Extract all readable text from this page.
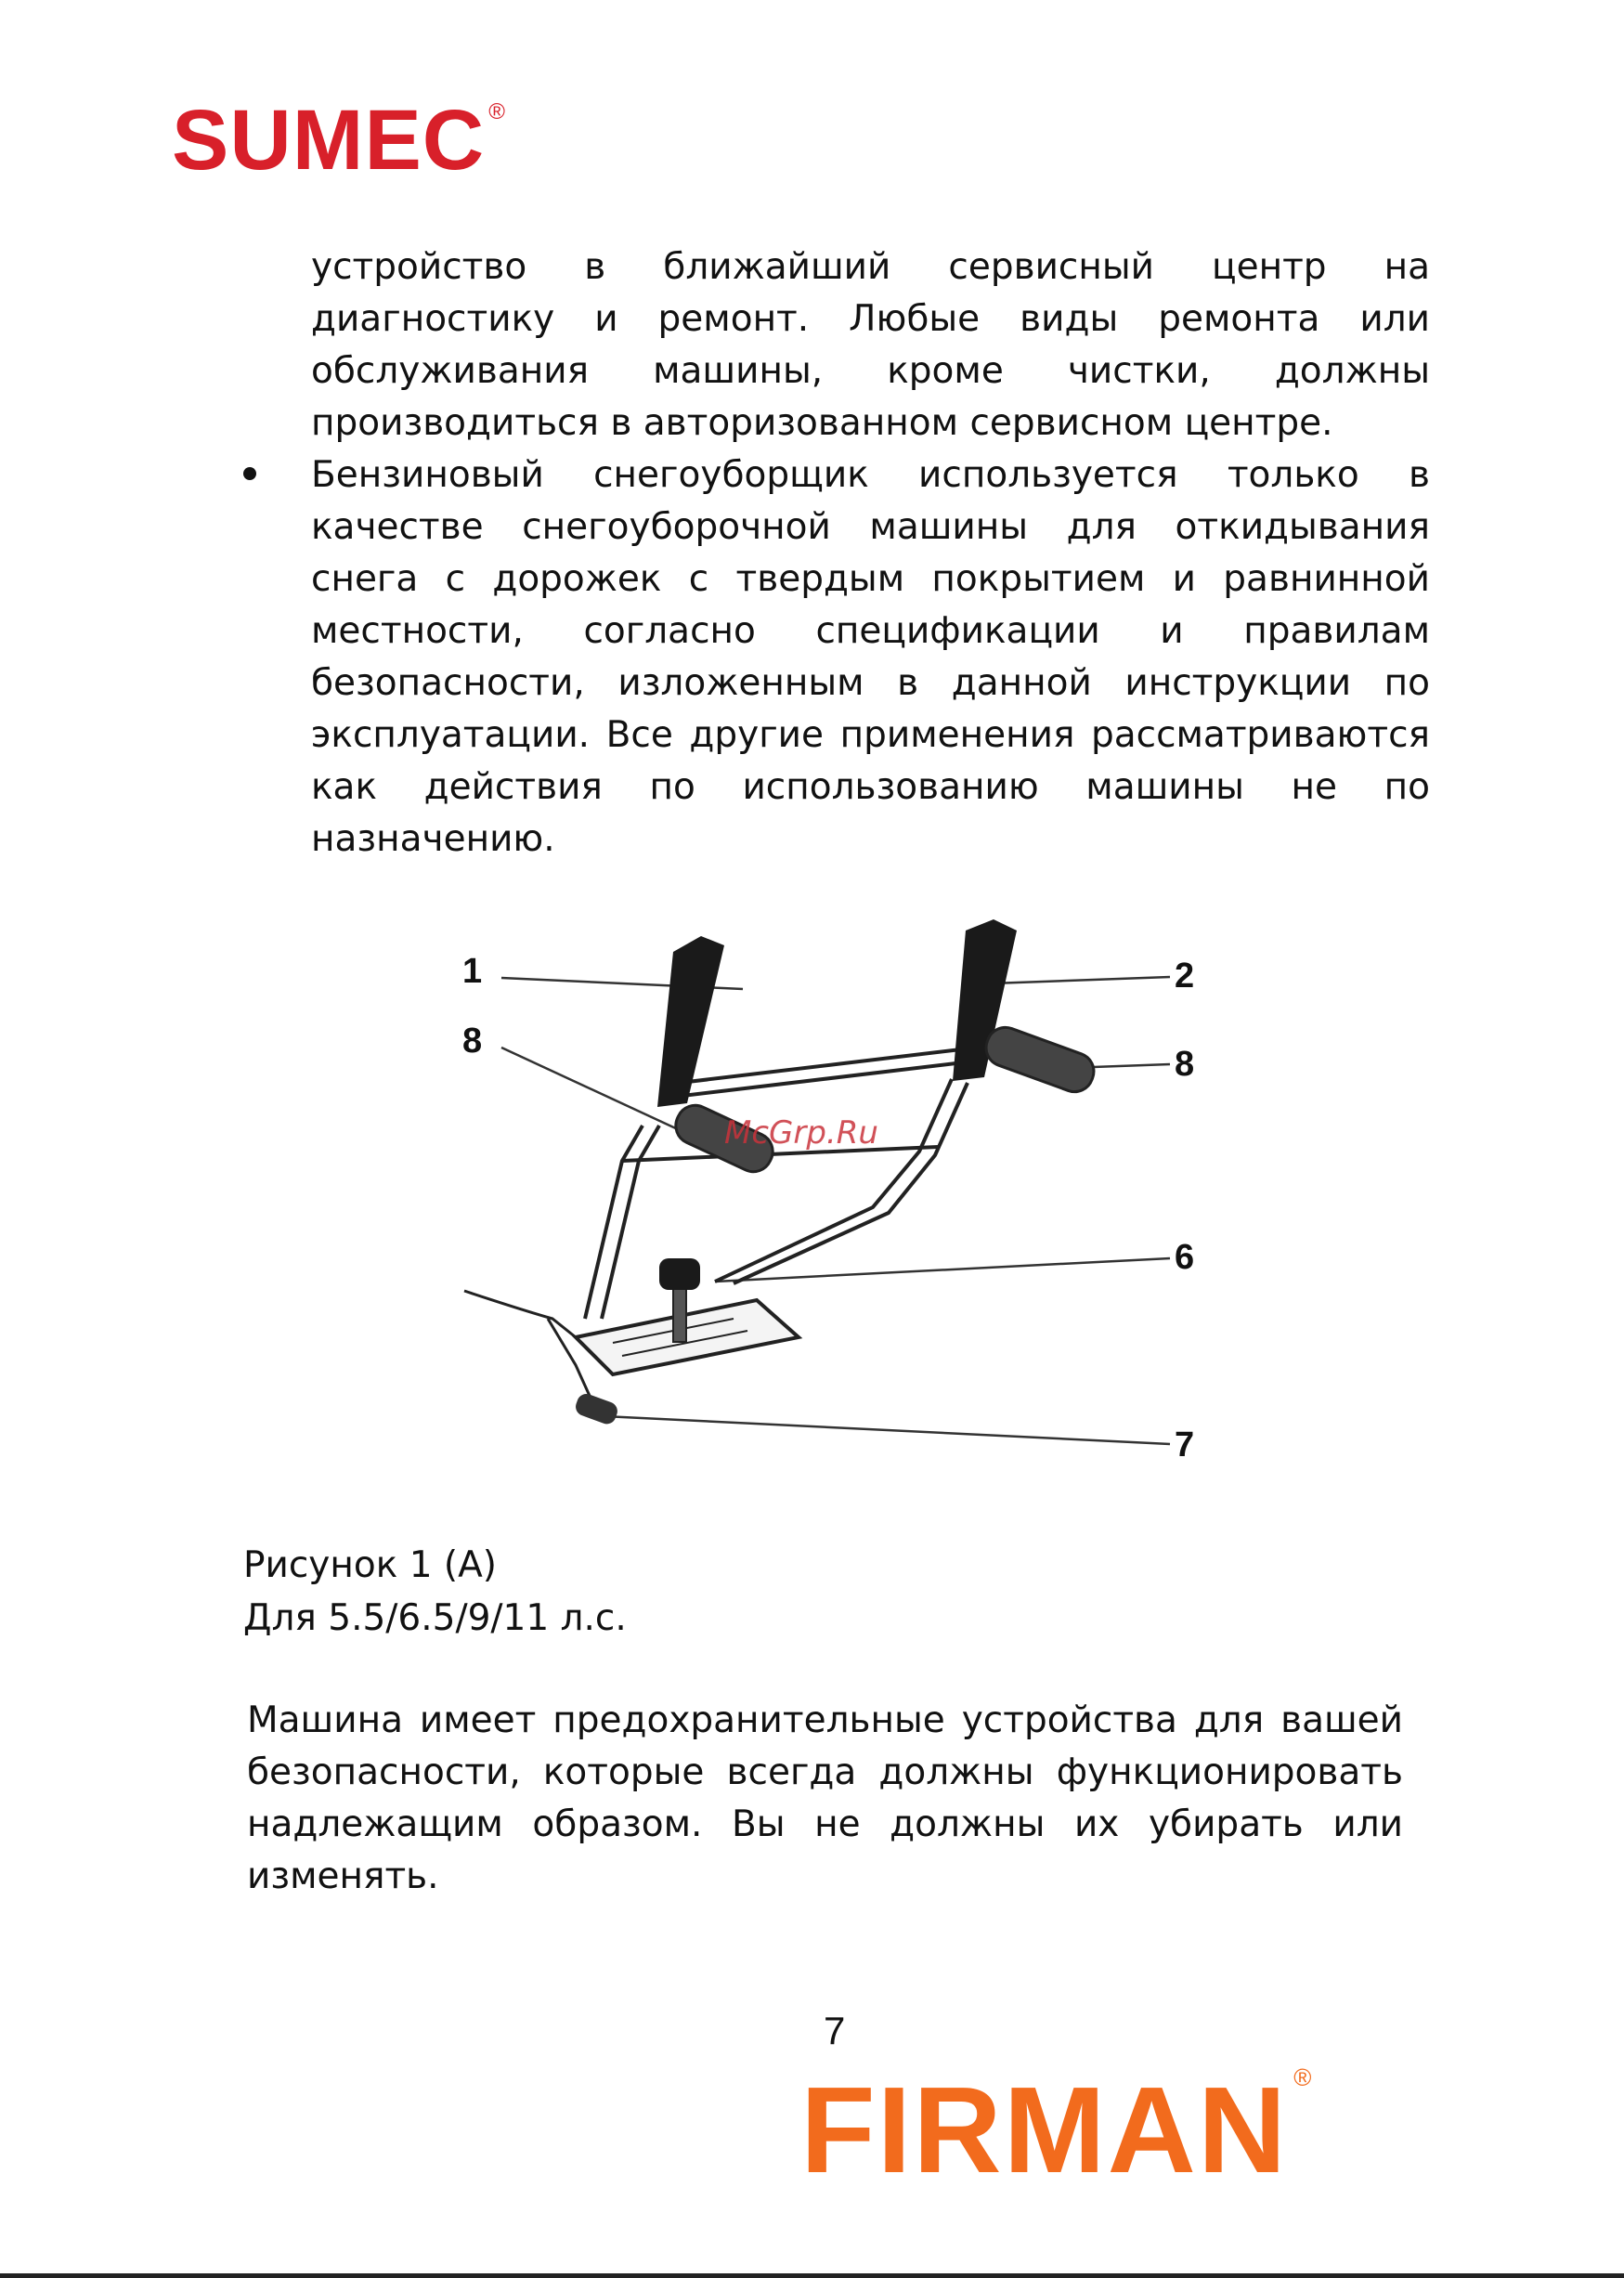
SUMEC ®

устройство в ближайший сервисный центр на диагностику и ремонт. Любые виды ремонта или обслуживания машины, кроме чистки, должны производиться в авторизованном сервисном центре.

Бензиновый снегоуборщик используется только в качестве снегоуборочной машины для откидывания снега с дорожек с твердым покрытием и равнинной местности, согласно спецификации и правилам безопасности, изложенным в данной инструкции по эксплуатации. Все другие применения рассматриваются как действия по использованию машины не по назначению.

1	2
8
8
6
7
McGrp.Ru
Рисунок 1 (А)
Для 5.5/6.5/9/11 л.с.

Машина имеет предохранительные устройства для вашей безопасности, которые всегда должны функционировать надлежащим образом. Вы не должны их убирать или изменять.

7
FIRMAN ®
